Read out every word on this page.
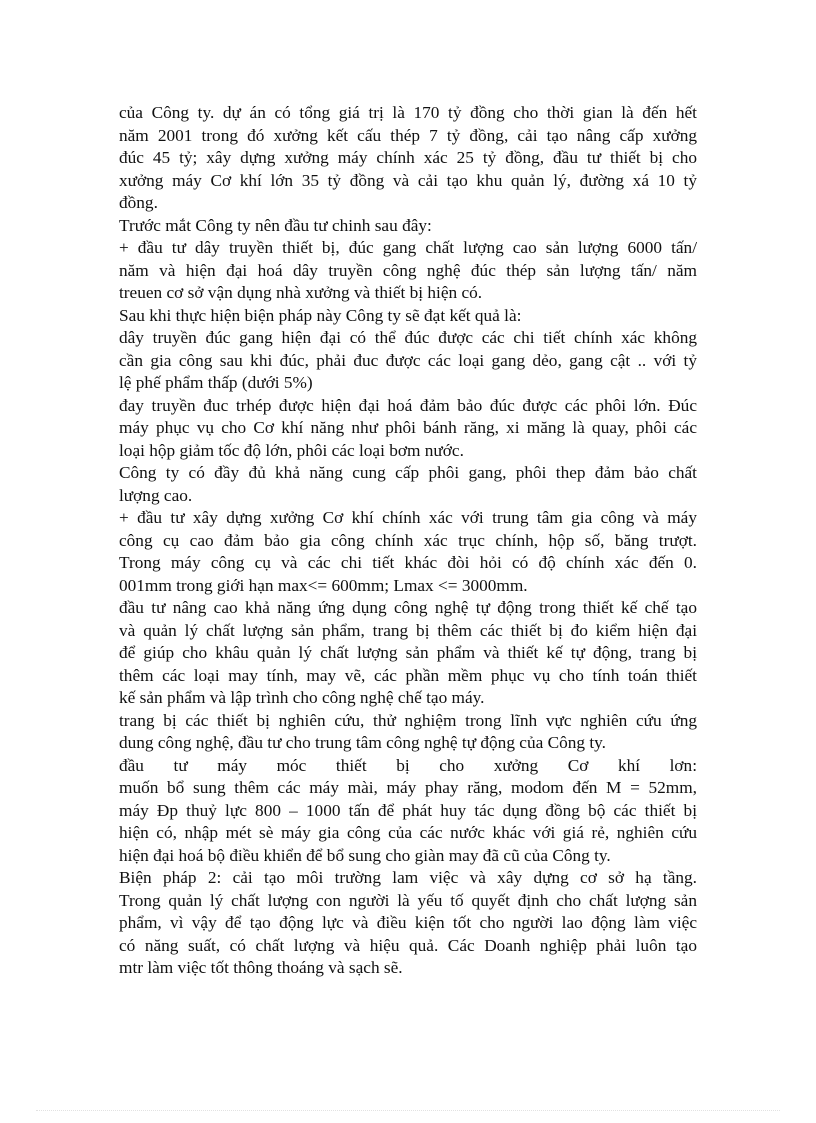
của Công ty. dự án có tổng giá trị là 170 tỷ đồng cho thời gian là đến hết
năm 2001 trong đó xưởng kết cấu thép 7 tỷ đồng, cải tạo nâng cấp xưởng
đúc 45 tỷ; xây dựng xưởng máy chính xác 25 tỷ đồng, đầu tư thiết bị cho
xưởng máy Cơ khí lớn 35 tỷ đồng và cải tạo khu quản lý, đường xá 10 tỷ
đồng.
Trước mắt Công ty nên đầu tư chinh sau đây:
+ đầu tư dây truyền thiết bị, đúc gang chất lượng cao sản lượng 6000 tấn/
năm và hiện đại hoá dây truyền công nghệ đúc thép sản lượng tấn/ năm
treuen cơ sở vận dụng nhà xưởng và thiết bị hiện có.
Sau khi thực hiện biện pháp này Công ty sẽ đạt kết quả là:
dây truyền đúc gang hiện đại có thể đúc được các chi tiết chính xác không
cần gia công sau khi đúc, phải đuc được các loại gang dẻo, gang cật .. với tỷ
lệ phế phẩm thấp (dưới 5%)
đay truyền đuc trhép được hiện đại hoá đảm bảo đúc được các phôi lớn. Đúc
máy phục vụ cho Cơ khí năng như phôi bánh răng, xi măng là quay, phôi các
loại hộp giảm tốc độ lớn, phôi các loại bơm nước.
Công ty có đầy đủ khả năng cung cấp phôi gang, phôi thep đảm bảo chất
lượng cao.
+ đầu tư xây dựng xưởng Cơ khí chính xác với trung tâm gia công và máy
công cụ cao đảm bảo gia công chính xác trục chính, hộp số, băng trượt.
Trong máy công cụ và các chi tiết khác đòi hỏi có độ chính xác đến 0.
001mm trong giới hạn max<= 600mm; Lmax <= 3000mm.
đầu tư nâng cao khả năng ứng dụng công nghệ tự động trong thiết kế chế tạo
và quản lý chất lượng sản phẩm, trang bị thêm các thiết bị đo kiểm hiện đại
để giúp cho khâu quản lý chất lượng sản phẩm và thiết kế tự động, trang bị
thêm các loại may tính, may vẽ, các phần mềm phục vụ cho tính toán thiết
kế sản phẩm và lập trình cho công nghệ chế tạo máy.
trang bị các thiết bị nghiên cứu, thử nghiệm trong lĩnh vực nghiên cứu ứng
dung công nghệ, đầu tư cho trung tâm công nghệ tự động của Công ty.
đầu tư máy móc thiết bị cho xưởng Cơ khí lơn:
muốn bổ sung thêm các máy mài, máy phay răng, modom đến M = 52mm,
máy Đp thuỷ lực 800 – 1000 tấn để phát huy tác dụng đồng bộ các thiết bị
hiện có, nhập mét sè máy gia công của các nước khác với giá rẻ, nghiên cứu
hiện đại hoá bộ điều khiển để bổ sung cho giàn may đã cũ của Công ty.
Biện pháp 2: cải tạo môi trường lam việc và xây dựng cơ sở hạ tầng.
Trong quản lý chất lượng con người là yếu tố quyết định cho chất lượng sản
phẩm, vì vậy để tạo động lực và điều kiện tốt cho người lao động làm việc
có năng suất, có chất lượng và hiệu quả. Các Doanh nghiệp phải luôn tạo
mtr làm việc tốt thông thoáng và sạch sẽ.
